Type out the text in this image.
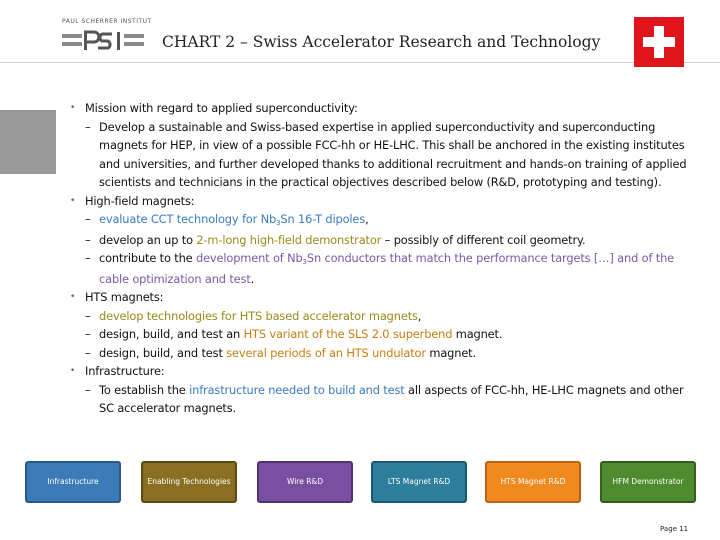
PAUL SCHERRER INSTITUT
CHART 2 – Swiss Accelerator Research and Technology
• Mission with regard to applied superconductivity:
– Develop a sustainable and Swiss-based expertise in applied superconductivity and superconducting magnets for HEP, in view of a possible FCC-hh or HE-LHC. This shall be anchored in the existing institutes and universities, and further developed thanks to additional recruitment and hands-on training of applied scientists and technicians in the practical objectives described below (R&D, prototyping and testing).
• High-field magnets:
– evaluate CCT technology for $Nb_3Sn$ 16-T dipoles,
– develop an up to 2-m-long high-field demonstrator – possibly of different coil geometry.
– contribute to the development of $Nb_3Sn$ conductors that match the performance targets […] and of the cable optimization and test.
• HTS magnets:
– develop technologies for HTS based accelerator magnets,
– design, build, and test an HTS variant of the SLS 2.0 superbend magnet.
– design, build, and test several periods of an HTS undulator magnet.
• Infrastructure:
– To establish the infrastructure needed to build and test all aspects of FCC-hh, HE-LHC magnets and other SC accelerator magnets.
Infrastructure	Enabling Technologies	Wire R&D	LTS Magnet R&D	HTS Magnet R&D	HFM Demonstrator
Page 11
